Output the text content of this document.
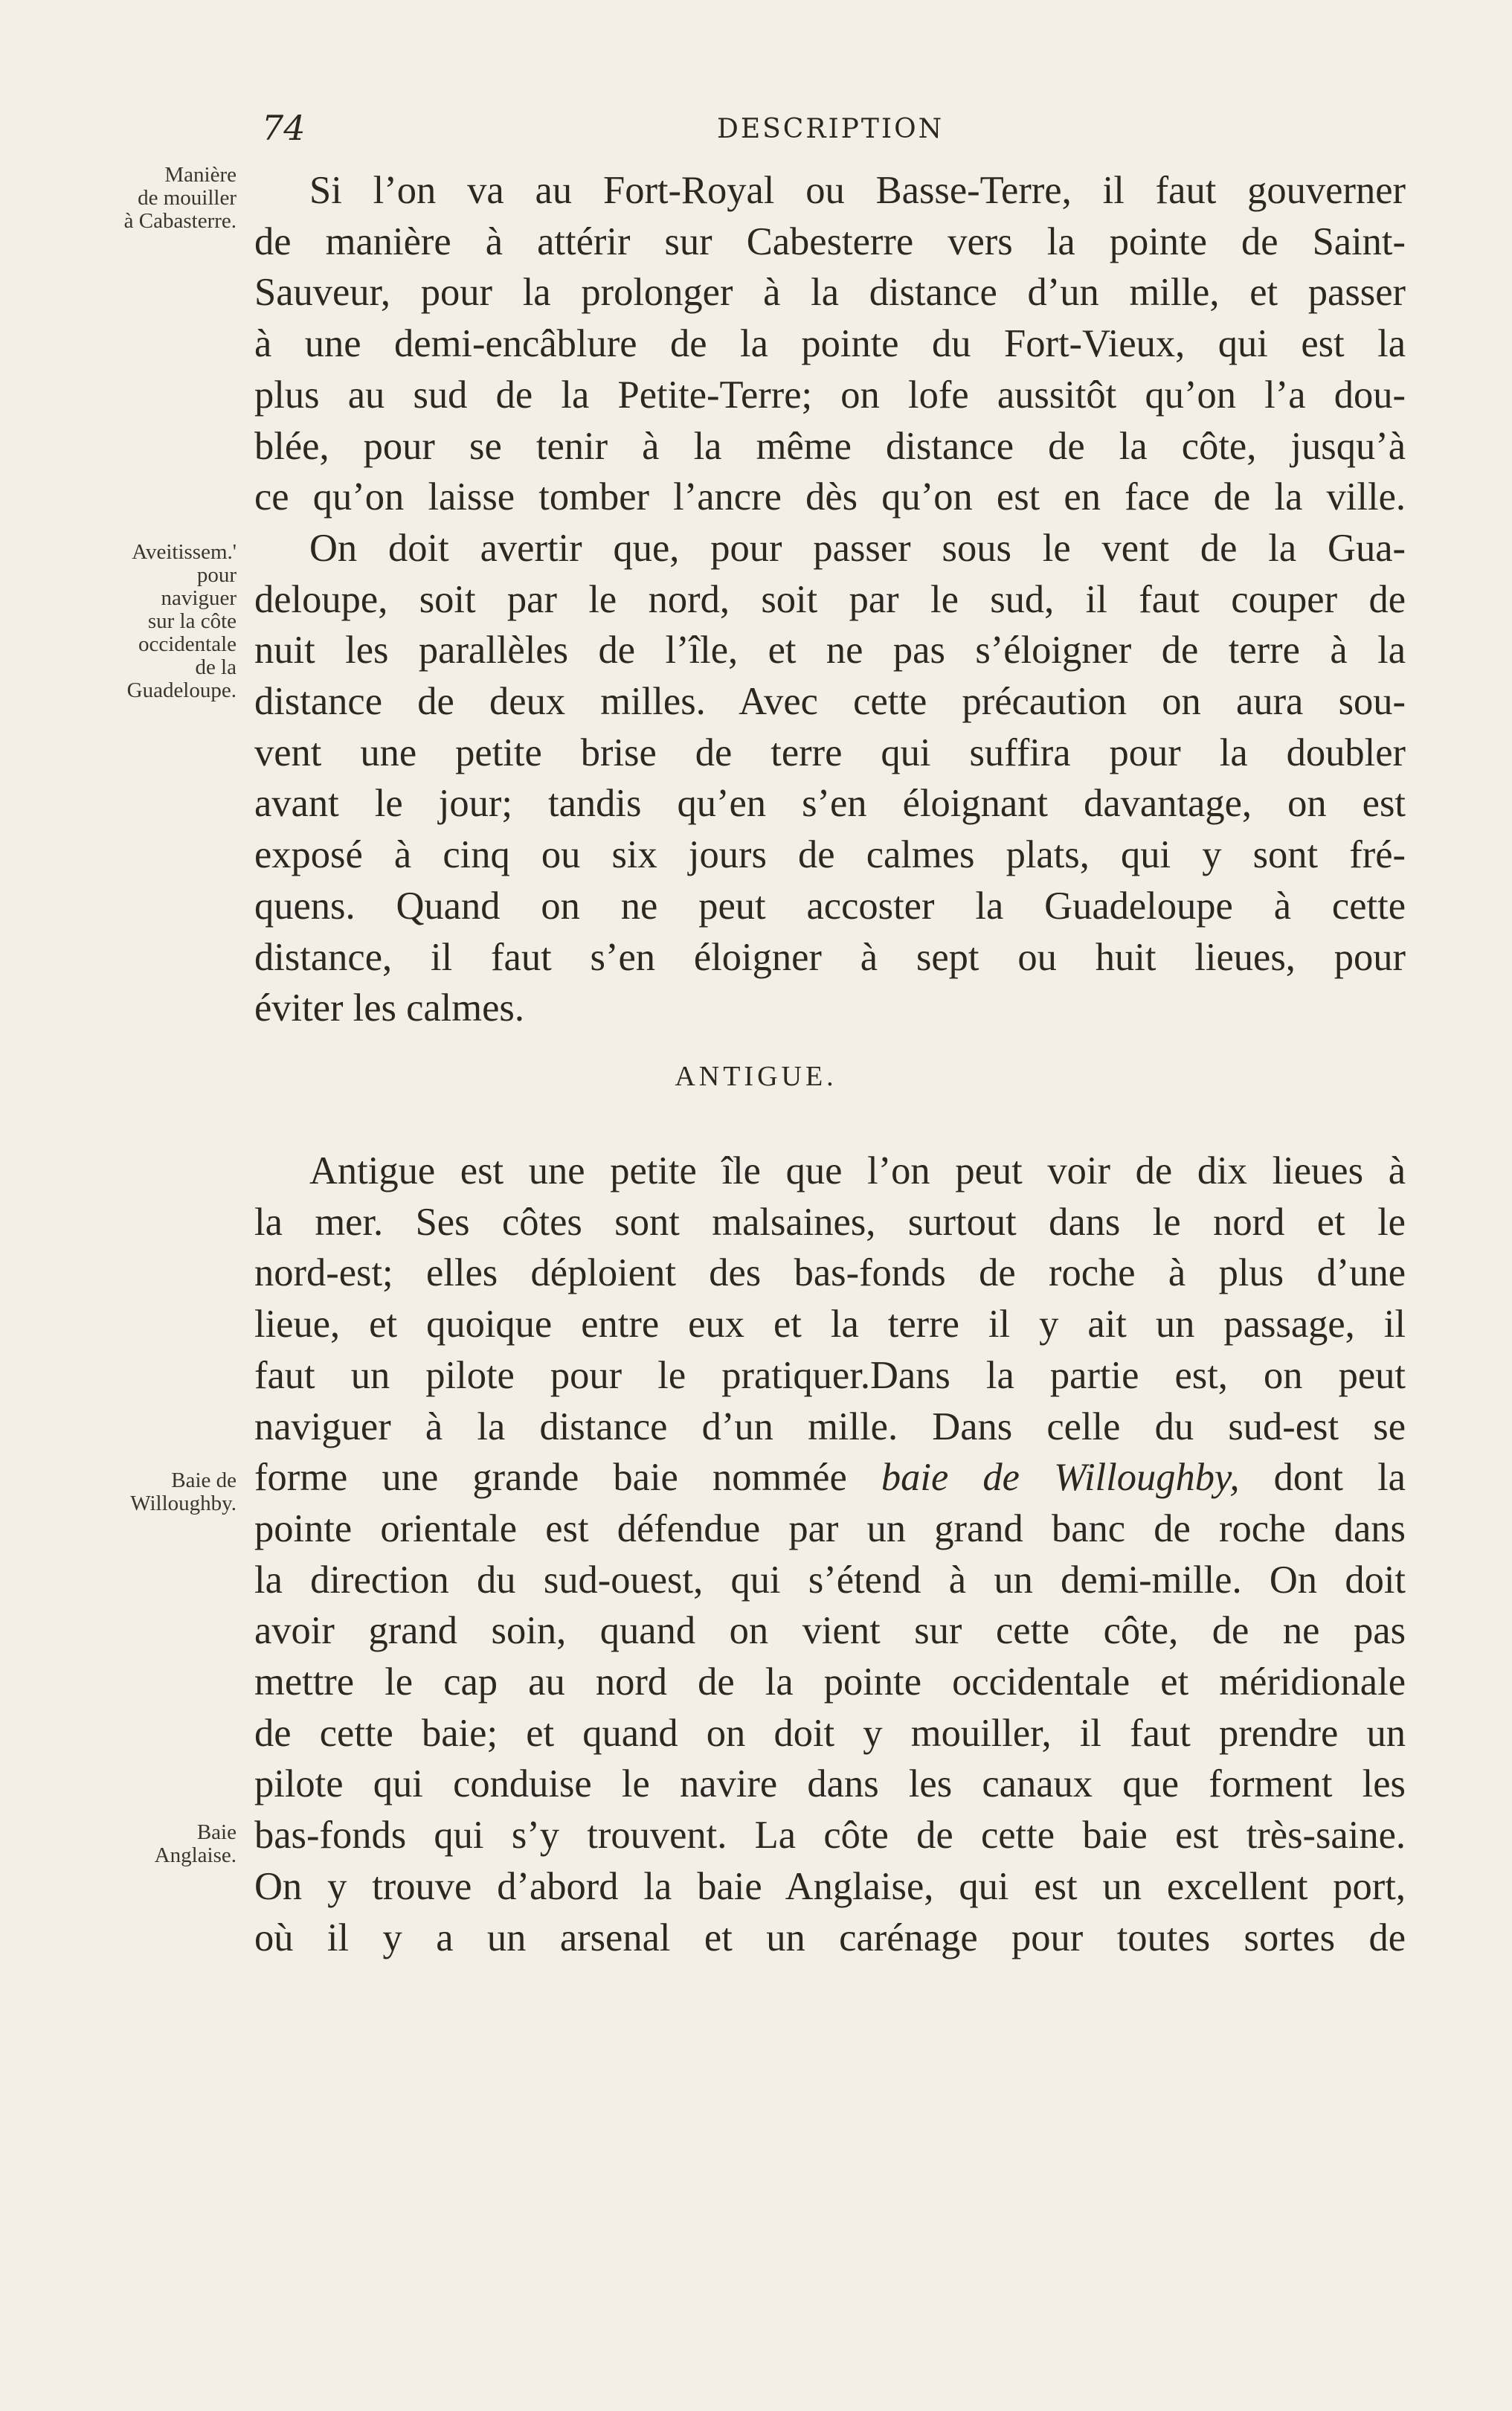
74	DESCRIPTION
Manière
de mouiller
à Cabasterre.
Aveitissem.'
pour
naviguer
sur la côte
occidentale
de la
Guadeloupe.
Baie de
Willoughby.
Baie
Anglaise.
Si l’on va au Fort-Royal ou Basse-Terre, il faut gouverner
de manière à attérir sur Cabesterre vers la pointe de Saint-
Sauveur, pour la prolonger à la distance d’un mille, et passer
à une demi-encâblure de la pointe du Fort-Vieux, qui est la
plus au sud de la Petite-Terre; on lofe aussitôt qu’on l’a dou-
blée, pour se tenir à la même distance de la côte, jusqu’à
ce qu’on laisse tomber l’ancre dès qu’on est en face de la ville.
On doit avertir que, pour passer sous le vent de la Gua-
deloupe, soit par le nord, soit par le sud, il faut couper de
nuit les parallèles de l’île, et ne pas s’éloigner de terre à la
distance de deux milles. Avec cette précaution on aura sou-
vent une petite brise de terre qui suffira pour la doubler
avant le jour; tandis qu’en s’en éloignant davantage, on est
exposé à cinq ou six jours de calmes plats, qui y sont fré-
quens. Quand on ne peut accoster la Guadeloupe à cette
distance, il faut s’en éloigner à sept ou huit lieues, pour
éviter les calmes.
ANTIGUE.
Antigue est une petite île que l’on peut voir de dix lieues à
la mer. Ses côtes sont malsaines, surtout dans le nord et le
nord-est; elles déploient des bas-fonds de roche à plus d’une
lieue, et quoique entre eux et la terre il y ait un passage, il
faut un pilote pour le pratiquer.Dans la partie est, on peut
naviguer à la distance d’un mille. Dans celle du sud-est se
forme une grande baie nommée baie de Willoughby, dont la
pointe orientale est défendue par un grand banc de roche dans
la direction du sud-ouest, qui s’étend à un demi-mille. On doit
avoir grand soin, quand on vient sur cette côte, de ne pas
mettre le cap au nord de la pointe occidentale et méridionale
de cette baie; et quand on doit y mouiller, il faut prendre un
pilote qui conduise le navire dans les canaux que forment les
bas-fonds qui s’y trouvent. La côte de cette baie est très-saine.
On y trouve d’abord la baie Anglaise, qui est un excellent port,
où il y a un arsenal et un carénage pour toutes sortes de
